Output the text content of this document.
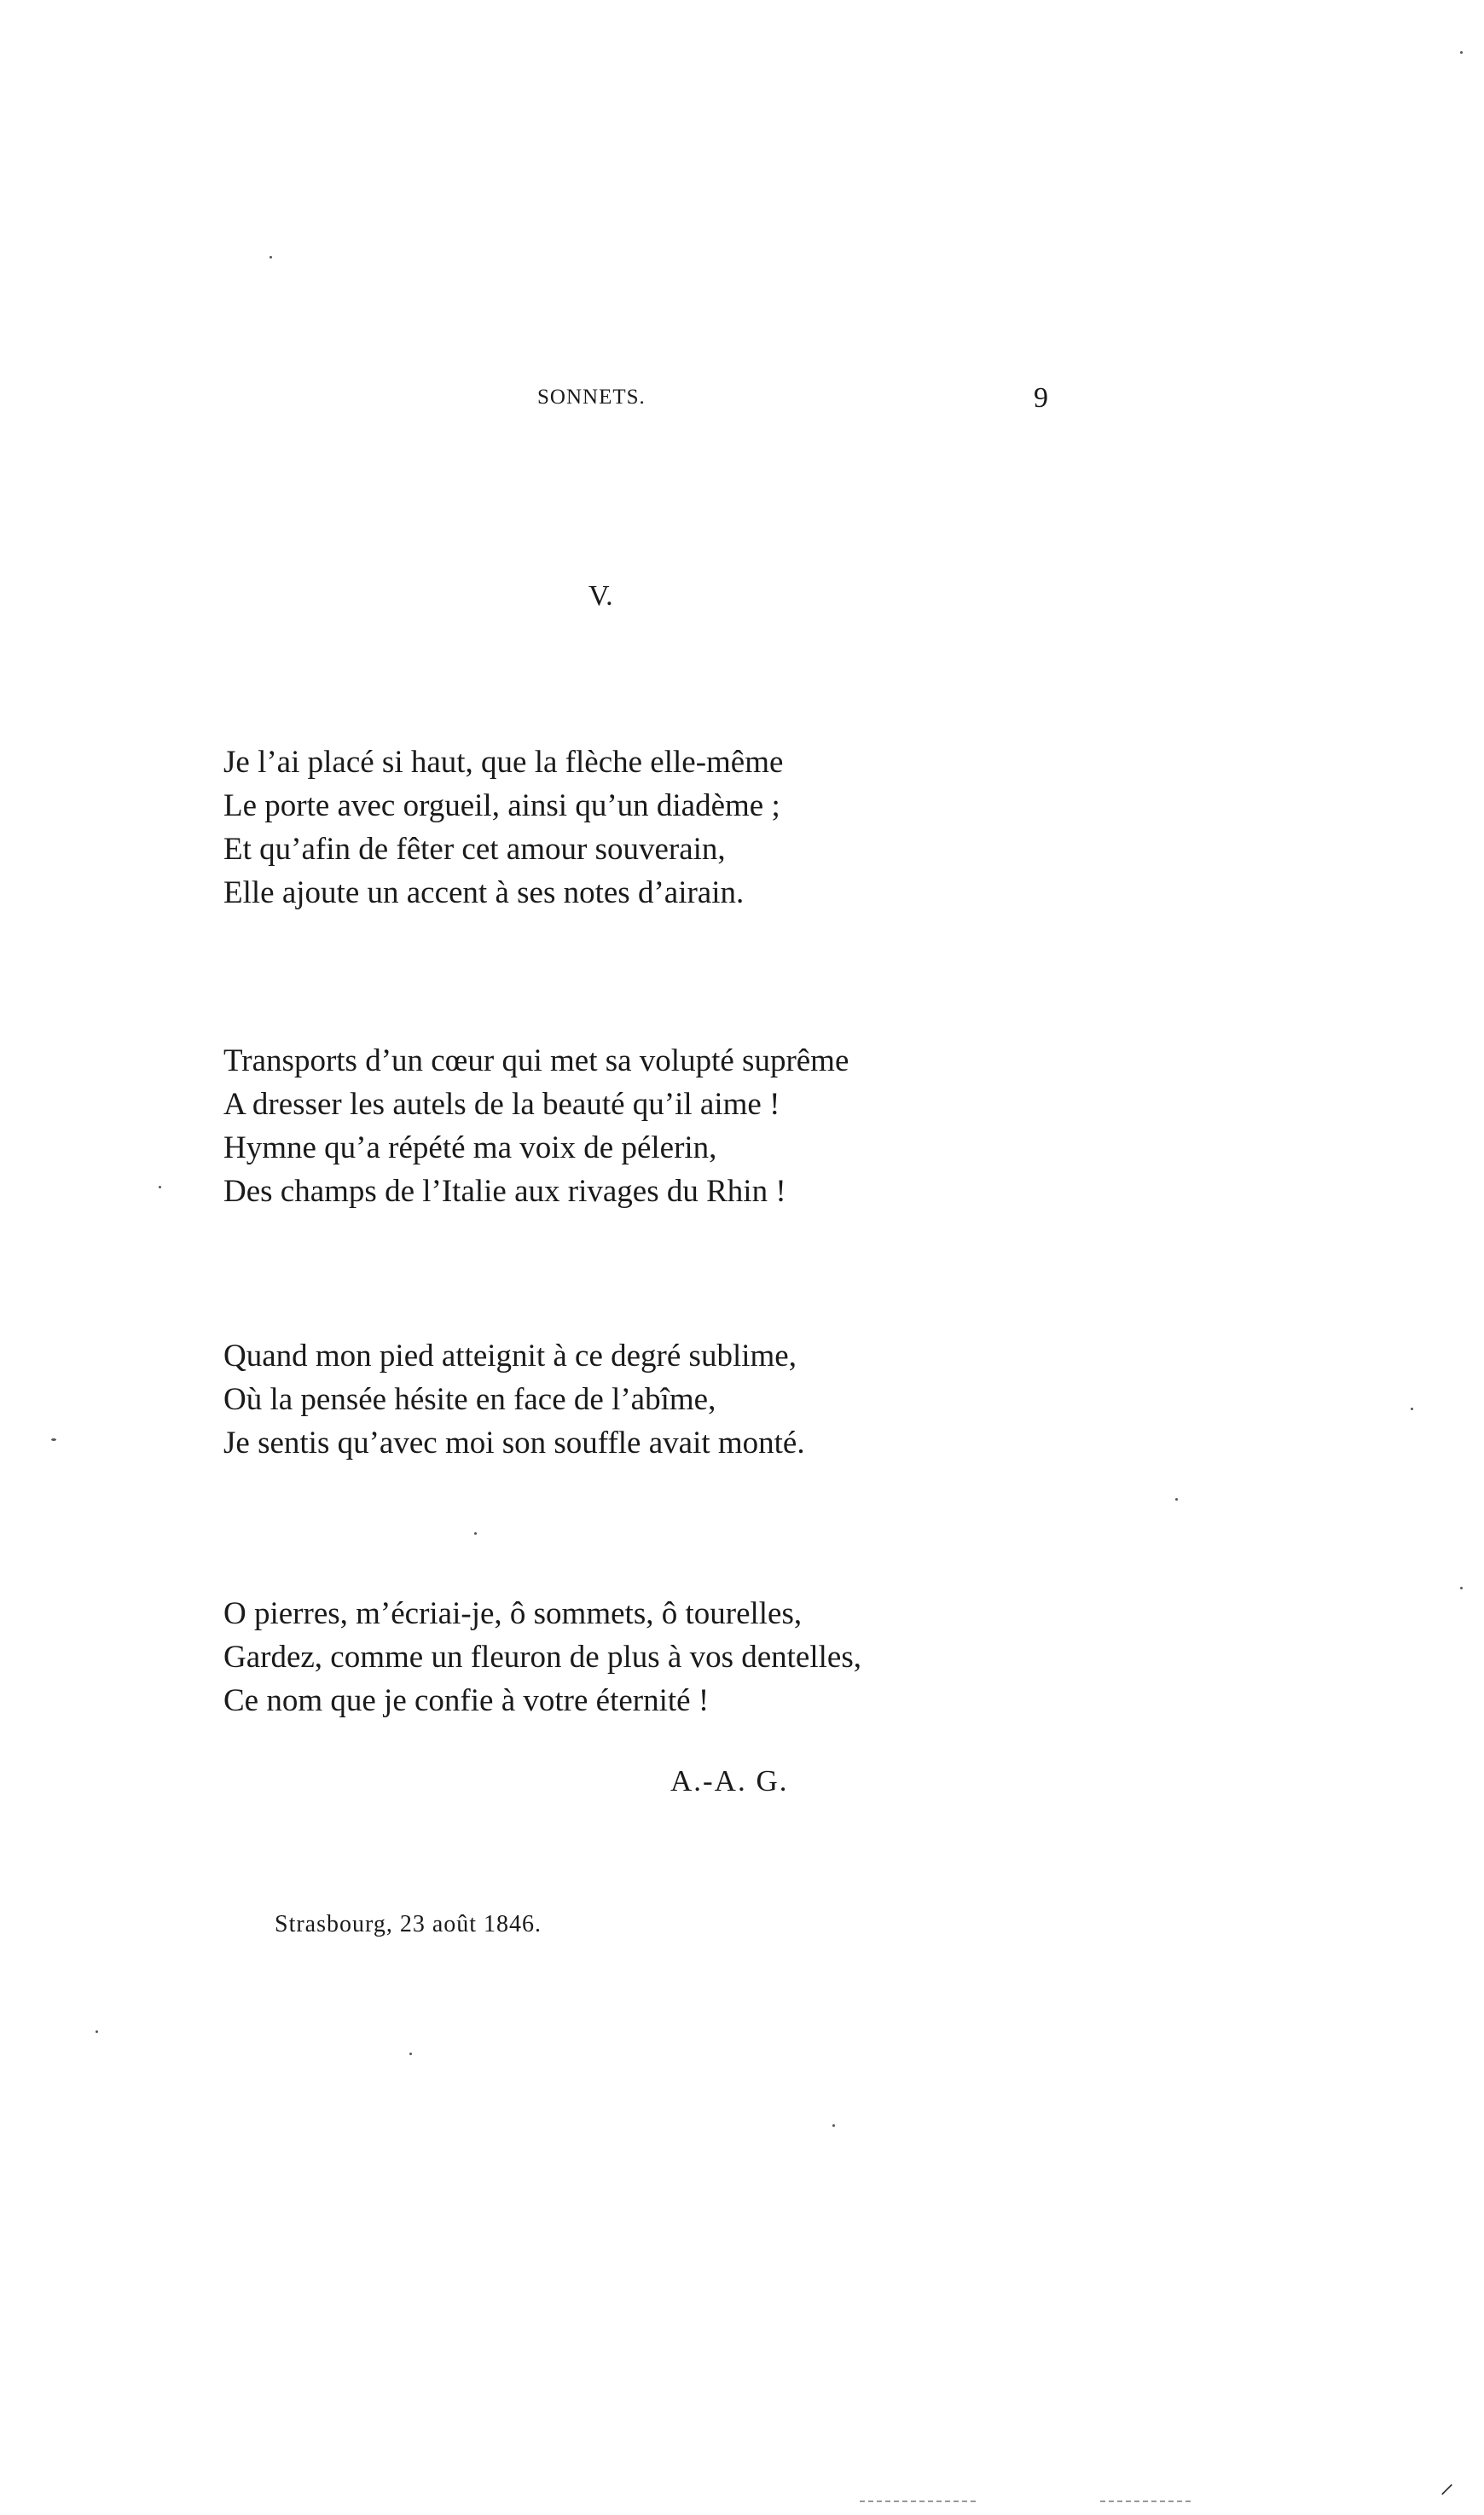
SONNETS.	9
V.
Je l’ai placé si haut, que la flèche elle-même
Le porte avec orgueil, ainsi qu’un diadème ;
Et qu’afin de fêter cet amour souverain,
Elle ajoute un accent à ses notes d’airain.
Transports d’un cœur qui met sa volupté suprême
A dresser les autels de la beauté qu’il aime !
Hymne qu’a répété ma voix de pélerin,
Des champs de l’Italie aux rivages du Rhin !
Quand mon pied atteignit à ce degré sublime,
Où la pensée hésite en face de l’abîme,
Je sentis qu’avec moi son souffle avait monté.
O pierres, m’écriai-je, ô sommets, ô tourelles,
Gardez, comme un fleuron de plus à vos dentelles,
Ce nom que je confie à votre éternité !
A.-A. G.
Strasbourg, 23 août 1846.
⸍
